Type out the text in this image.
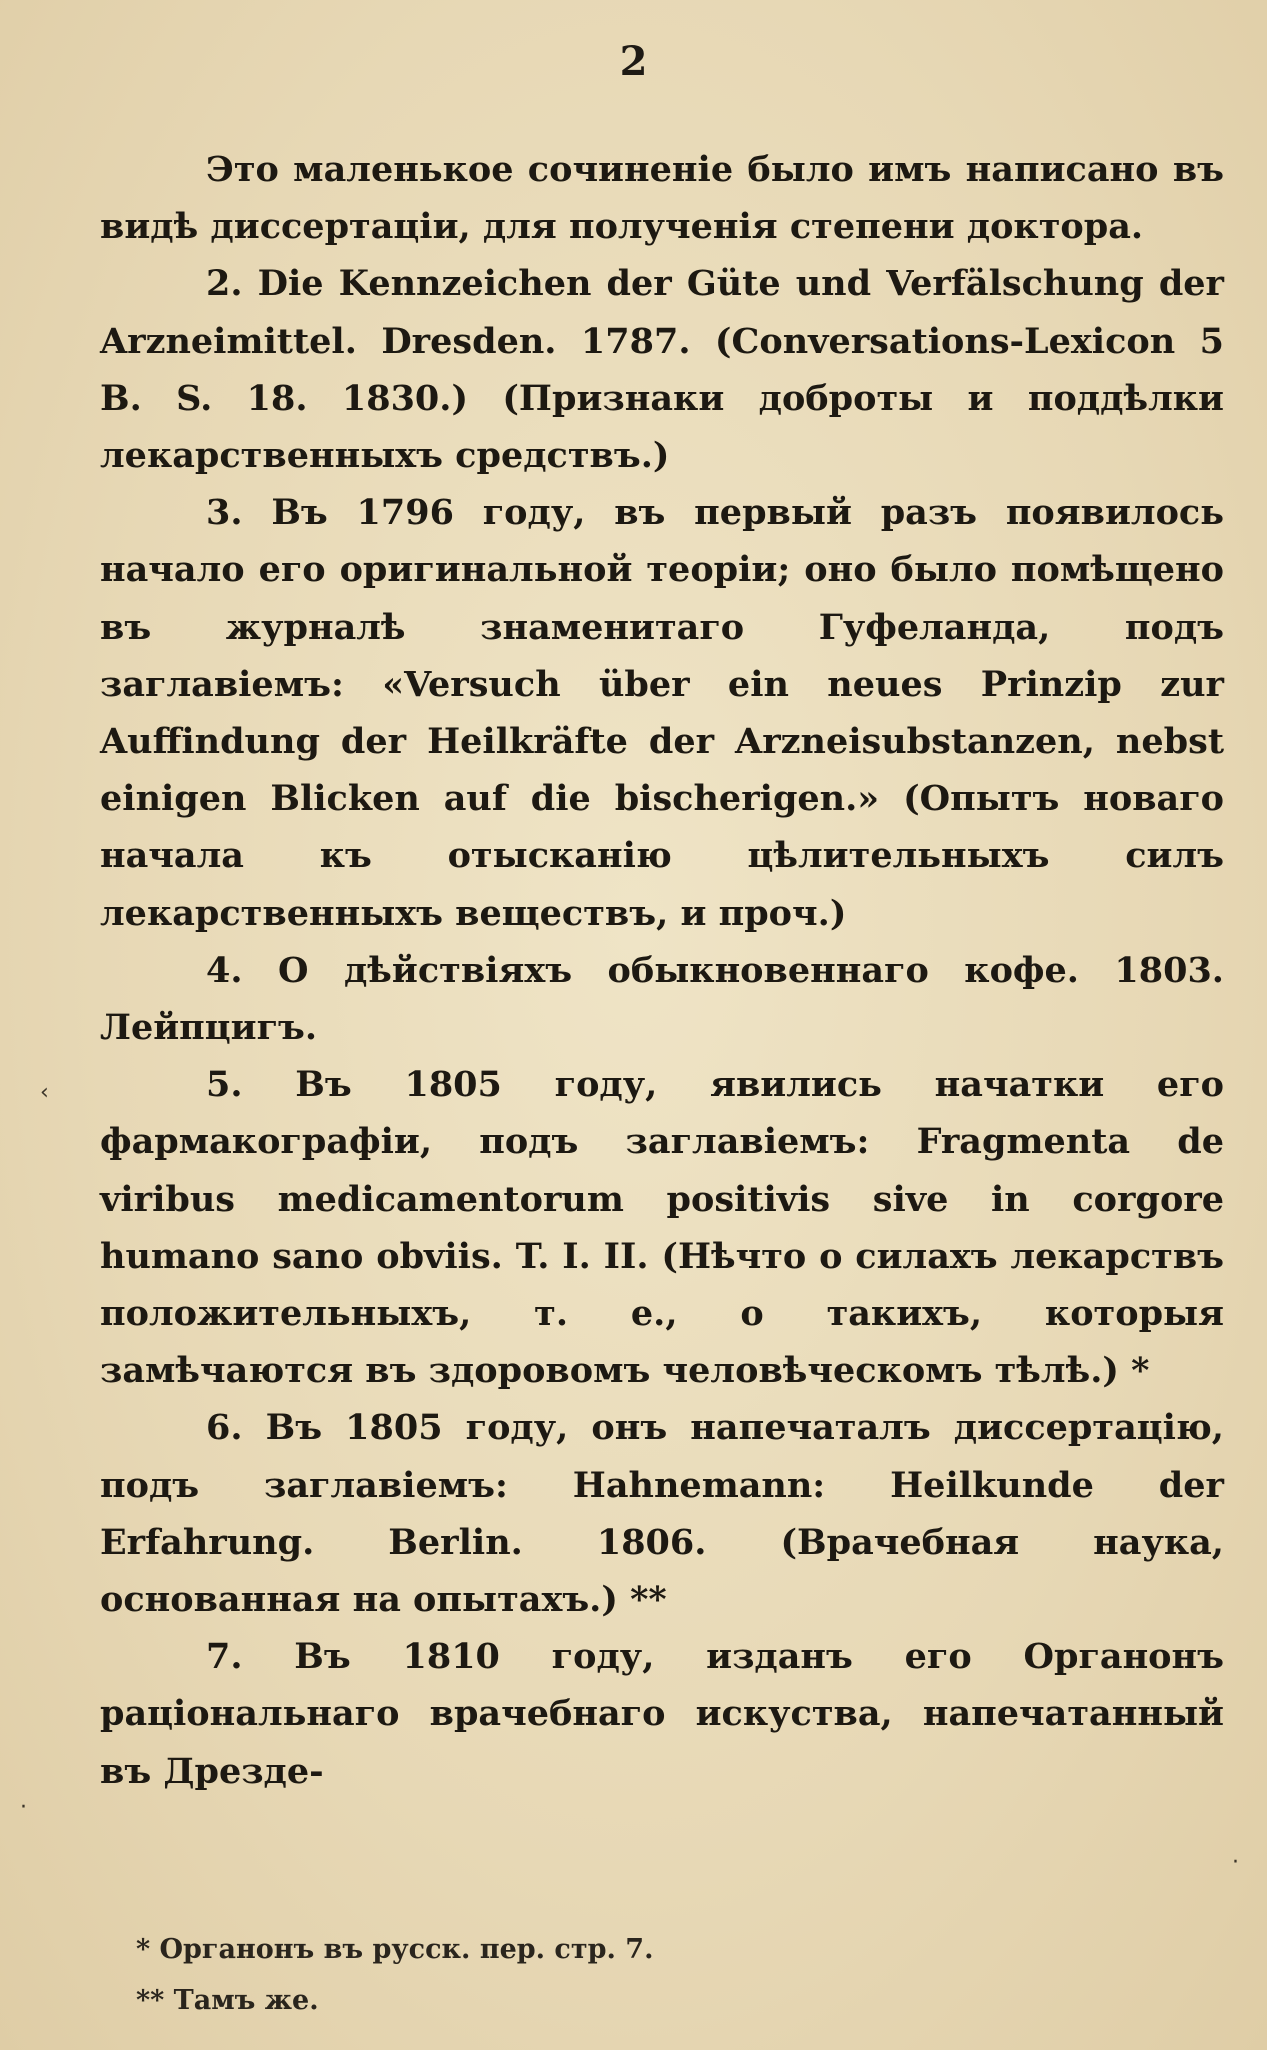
2

Это маленькое сочиненіе было имъ написано въ видѣ диссертаціи, для полученія степени доктора.

2. Die Kennzeichen der Güte und Verfälschung der Arzneimittel. Dresden. 1787. (Conversations-Lexicon 5 B. S. 18. 1830.) (Признаки доброты и поддѣлки лекарственныхъ средствъ.)

3. Въ 1796 году, въ первый разъ появилось начало его оригинальной теоріи; оно было помѣщено въ журналѣ знаменитаго Гуфеланда, подъ заглавіемъ: «Versuch über ein neues Prinzip zur Auffindung der Heilkräfte der Arzneisubstanzen, nebst einigen Blicken auf die bischerigen.» (Опытъ новаго начала къ отысканію цѣлительныхъ силъ лекарственныхъ веществъ, и проч.)

4. О дѣйствіяхъ обыкновеннаго кофе. 1803. Лейпцигъ.

5. Въ 1805 году, явились начатки его фармакографіи, подъ заглавіемъ: Fragmenta de viribus medicamentorum positivis sive in corgore humano sano obviis. T. I. II. (Нѣчто о силахъ лекарствъ положительныхъ, т. е., о такихъ, которыя замѣчаются въ здоровомъ человѣческомъ тѣлѣ.) *

6. Въ 1805 году, онъ напечаталъ диссертацію, подъ заглавіемъ: Hahnemann: Heilkunde der Erfahrung. Berlin. 1806. (Врачебная наука, основанная на опытахъ.) **

7. Въ 1810 году, изданъ его Органонъ раціональнаго врачебнаго искуства, напечатанный въ Дрезде-

* Органонъ въ русск. пер. стр. 7.

** Тамъ же.

‹
·
·
